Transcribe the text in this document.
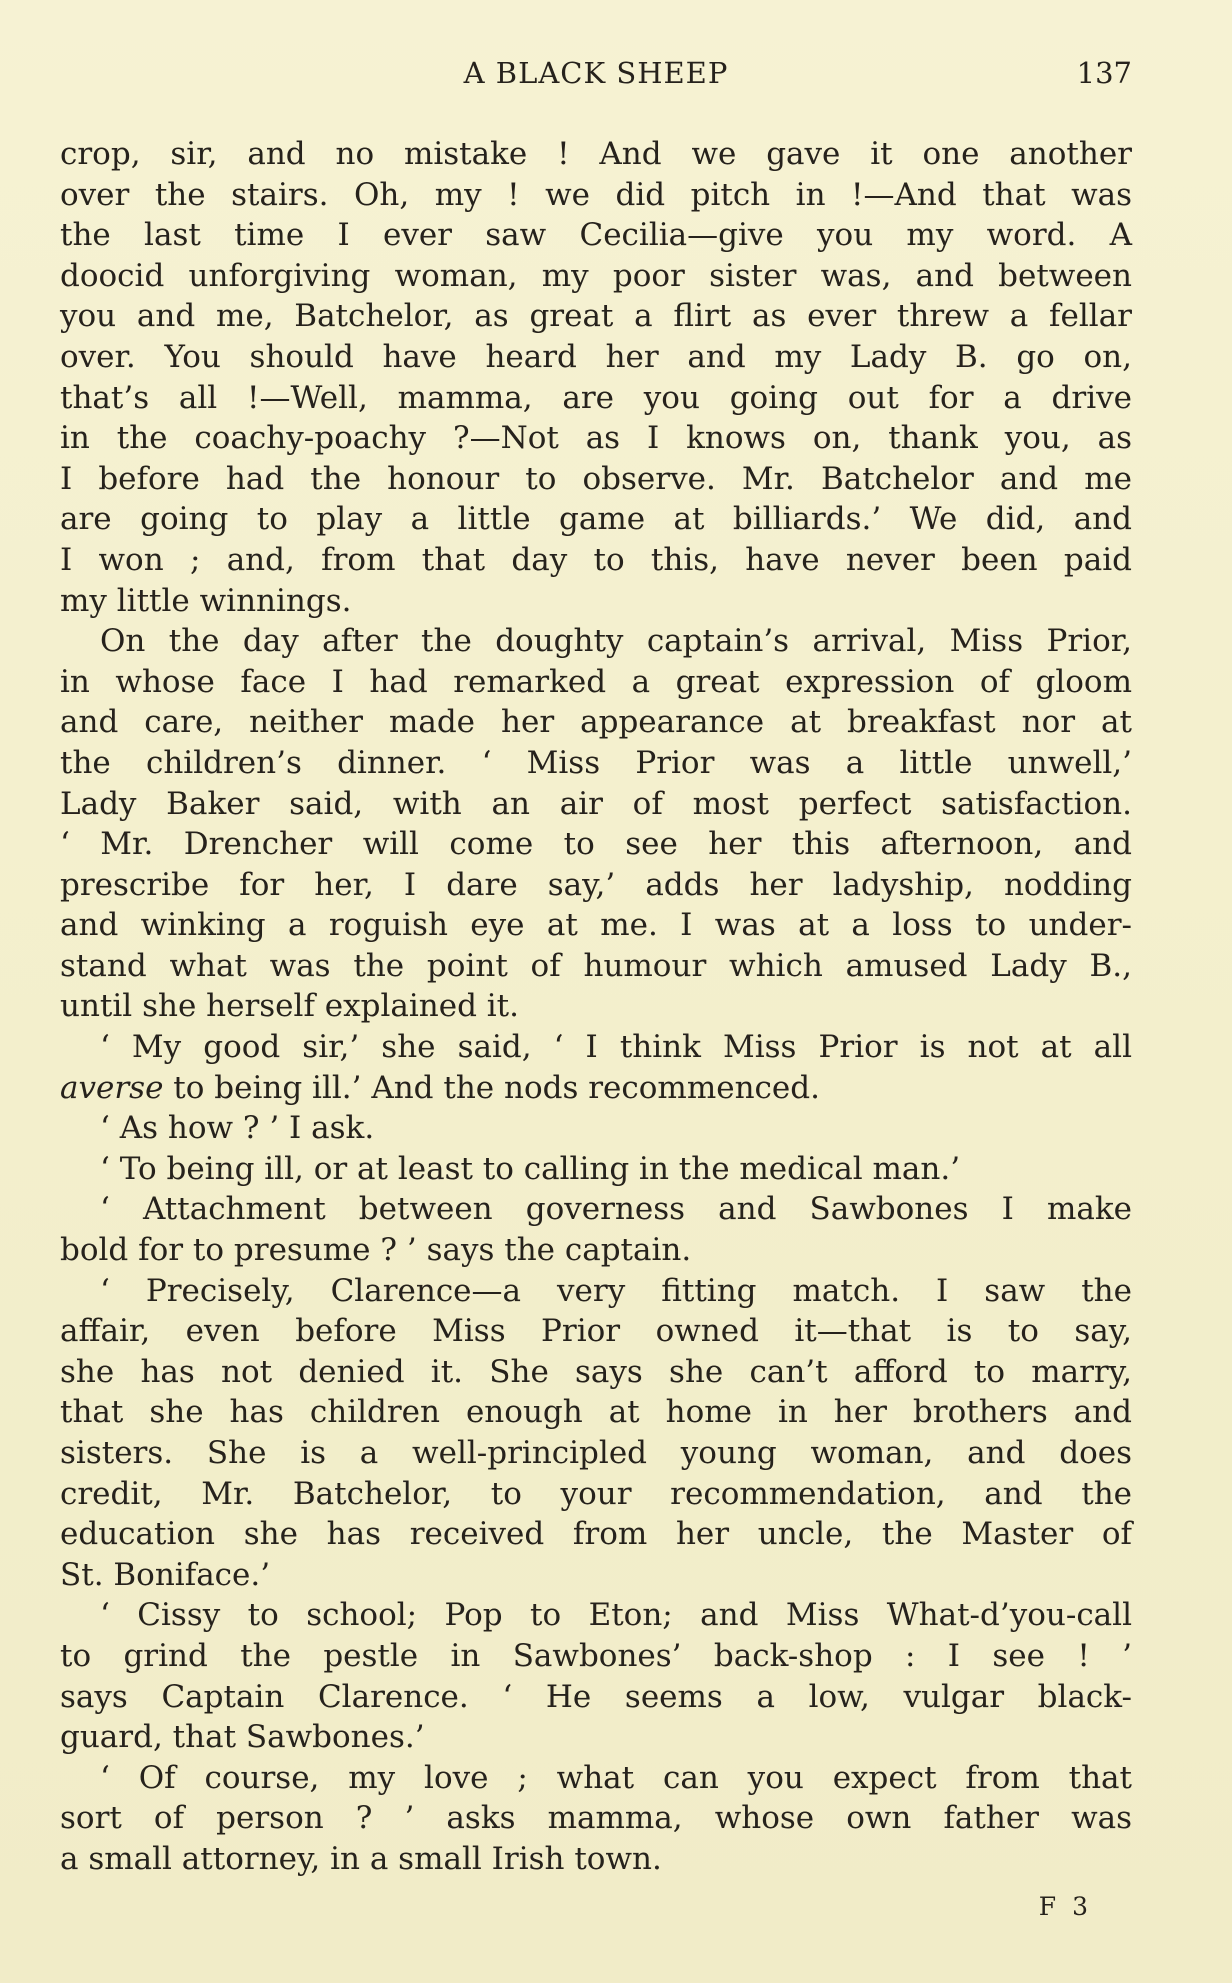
A BLACK SHEEP	137
crop, sir, and no mistake ! And we gave it one another
over the stairs. Oh, my ! we did pitch in !—And that was
the last time I ever saw Cecilia—give you my word. A
doocid unforgiving woman, my poor sister was, and between
you and me, Batchelor, as great a flirt as ever threw a fellar
over. You should have heard her and my Lady B. go on,
that’s all !—Well, mamma, are you going out for a drive
in the coachy-poachy ?—Not as I knows on, thank you, as
I before had the honour to observe. Mr. Batchelor and me
are going to play a little game at billiards.’ We did, and
I won ; and, from that day to this, have never been paid
my little winnings.
On the day after the doughty captain’s arrival, Miss Prior,
in whose face I had remarked a great expression of gloom
and care, neither made her appearance at breakfast nor at
the children’s dinner. ‘ Miss Prior was a little unwell,’
Lady Baker said, with an air of most perfect satisfaction.
‘ Mr. Drencher will come to see her this afternoon, and
prescribe for her, I dare say,’ adds her ladyship, nodding
and winking a roguish eye at me. I was at a loss to under-
stand what was the point of humour which amused Lady B.,
until she herself explained it.
‘ My good sir,’ she said, ‘ I think Miss Prior is not at all
averse to being ill.’ And the nods recommenced.
‘ As how ? ’ I ask.
‘ To being ill, or at least to calling in the medical man.’
‘ Attachment between governess and Sawbones I make
bold for to presume ? ’ says the captain.
‘ Precisely, Clarence—a very fitting match. I saw the
affair, even before Miss Prior owned it—that is to say,
she has not denied it. She says she can’t afford to marry,
that she has children enough at home in her brothers and
sisters. She is a well-principled young woman, and does
credit, Mr. Batchelor, to your recommendation, and the
education she has received from her uncle, the Master of
St. Boniface.’
‘ Cissy to school; Pop to Eton; and Miss What-d’you-call
to grind the pestle in Sawbones’ back-shop : I see ! ’
says Captain Clarence. ‘ He seems a low, vulgar black-
guard, that Sawbones.’
‘ Of course, my love ; what can you expect from that
sort of person ? ’ asks mamma, whose own father was
a small attorney, in a small Irish town.
F 3
